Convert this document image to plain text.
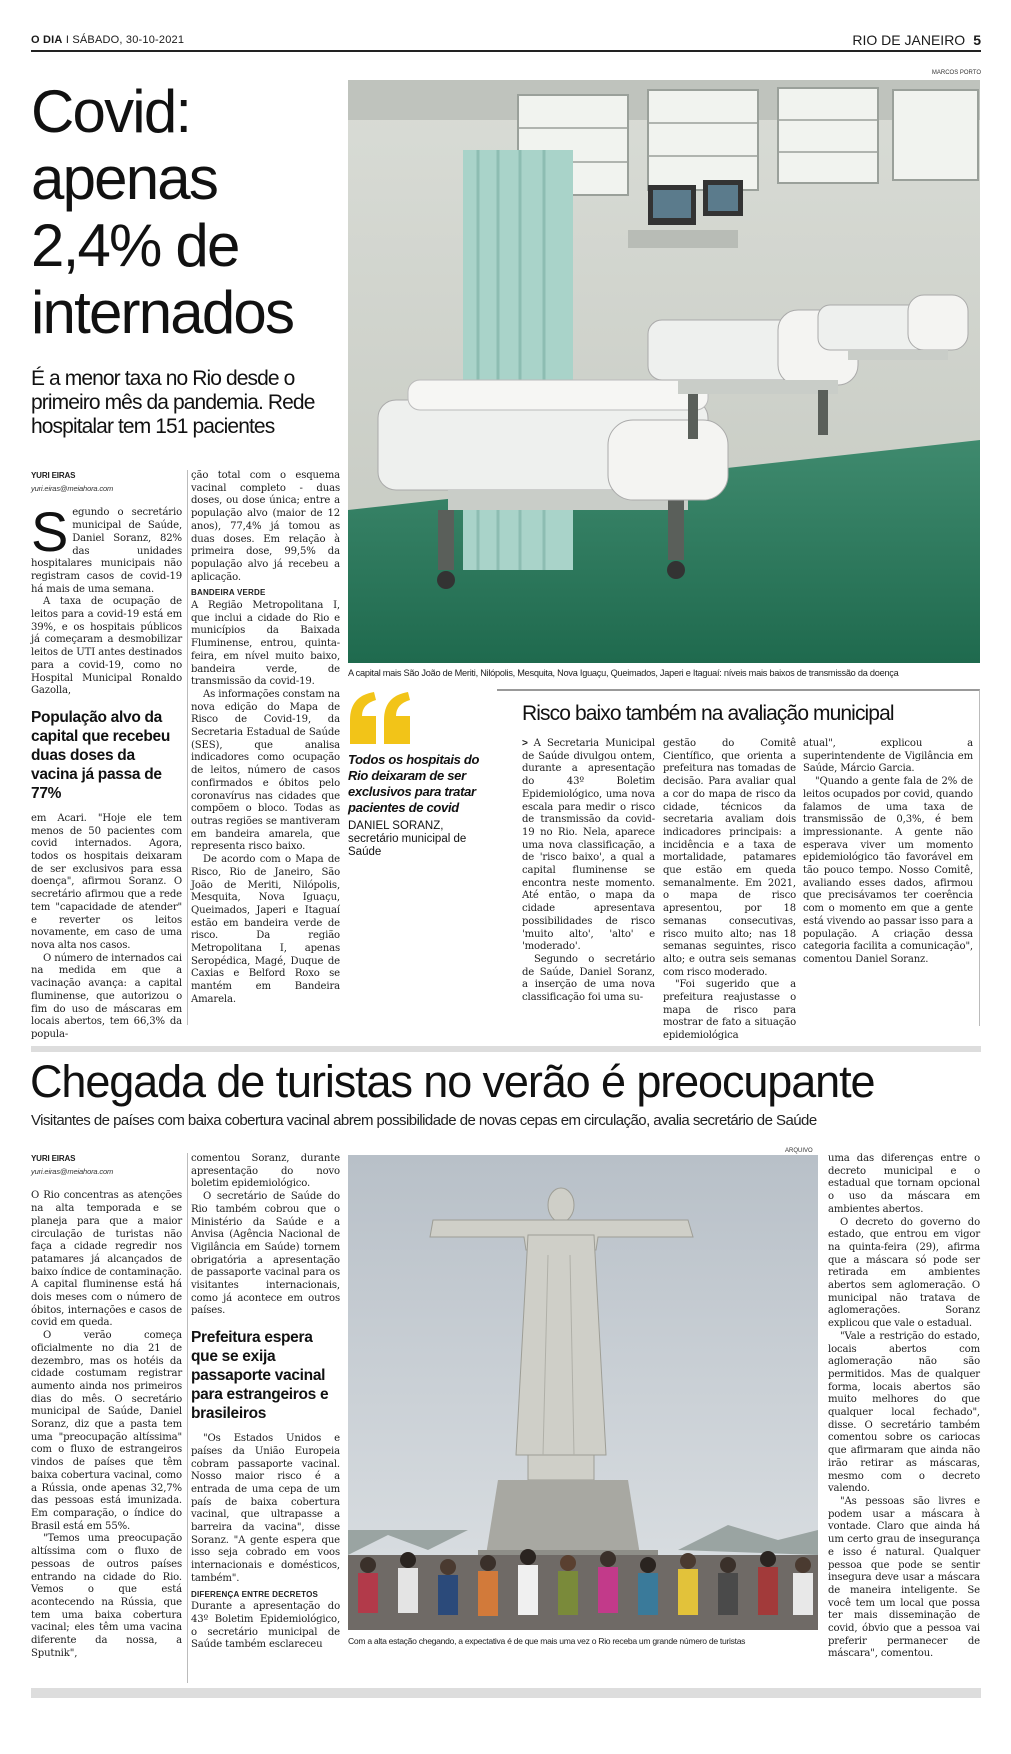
O DIA I SÁBADO, 30-10-2021	RIO DE JANEIRO 5
Covid: apenas 2,4% de internados
É a menor taxa no Rio desde o primeiro mês da pandemia. Rede hospitalar tem 151 pacientes
MARCOS PORTO
A capital mais São João de Meriti, Nilópolis, Mesquita, Nova Iguaçu, Queimados, Japeri e Itaguaí: níveis mais baixos de transmissão da doença
YURI EIRAS
yuri.eiras@meiahora.com

Segundo o secretário municipal de Saúde, Daniel Soranz, 82% das unidades hospitalares municipais não registram casos de covid-19 há mais de uma semana.

A taxa de ocupação de leitos para a covid-19 está em 39%, e os hospitais públicos já começaram a desmobilizar leitos de UTI antes destinados para a covid-19, como no Hospital Municipal Ronaldo Gazolla,

População alvo da capital que recebeu duas doses da vacina já passa de 77%

em Acari. "Hoje ele tem menos de 50 pacientes com covid internados. Agora, todos os hospitais deixaram de ser exclusivos para essa doença", afirmou Soranz. O secretário afirmou que a rede tem "capacidade de atender" e reverter os leitos novamente, em caso de uma nova alta nos casos.

O número de internados cai na medida em que a vacinação avança: a capital fluminense, que autorizou o fim do uso de máscaras em locais abertos, tem 66,3% da popula-

ção total com o esquema vacinal completo - duas doses, ou dose única; entre a população alvo (maior de 12 anos), 77,4% já tomou as duas doses. Em relação à primeira dose, 99,5% da população alvo já recebeu a aplicação.

BANDEIRA VERDE

A Região Metropolitana I, que inclui a cidade do Rio e municípios da Baixada Fluminense, entrou, quinta-feira, em nível muito baixo, bandeira verde, de transmissão da covid-19.

As informações constam na nova edição do Mapa de Risco de Covid-19, da Secretaria Estadual de Saúde (SES), que analisa indicadores como ocupação de leitos, número de casos confirmados e óbitos pelo coronavírus nas cidades que compõem o bloco. Todas as outras regiões se mantiveram em bandeira amarela, que representa risco baixo.

De acordo com o Mapa de Risco, Rio de Janeiro, São João de Meriti, Nilópolis, Mesquita, Nova Iguaçu, Queimados, Japeri e Itaguaí estão em bandeira verde de risco. Da região Metropolitana I, apenas Seropédica, Magé, Duque de Caxias e Belford Roxo se mantém em Bandeira Amarela.

Todos os hospitais do Rio deixaram de ser exclusivos para tratar pacientes de covid
DANIEL SORANZ,
secretário municipal de Saúde
Risco baixo também na avaliação municipal

> A Secretaria Municipal de Saúde divulgou ontem, durante a apresentação do 43º Boletim Epidemiológico, uma nova escala para medir o risco de transmissão da covid-19 no Rio. Nela, aparece uma nova classificação, a de 'risco baixo', a qual a capital fluminense se encontra neste momento. Até então, o mapa da cidade apresentava possibilidades de risco 'muito alto', 'alto' e 'moderado'.

Segundo o secretário de Saúde, Daniel Soranz, a inserção de uma nova classificação foi uma su-

gestão do Comitê Científico, que orienta a prefeitura nas tomadas de decisão. Para avaliar qual a cor do mapa de risco da cidade, técnicos da secretaria avaliam dois indicadores principais: a incidência e a taxa de mortalidade, patamares que estão em queda semanalmente. Em 2021, o mapa de risco apresentou, por 18 semanas consecutivas, risco muito alto; nas 18 semanas seguintes, risco alto; e outra seis semanas com risco moderado.

"Foi sugerido que a prefeitura reajustasse o mapa de risco para mostrar de fato a situação epidemiológica

atual", explicou a superintendente de Vigilância em Saúde, Márcio Garcia.

"Quando a gente fala de 2% de leitos ocupados por covid, quando falamos de uma taxa de transmissão de 0,3%, é bem impressionante. A gente não esperava viver um momento epidemiológico tão favorável em tão pouco tempo. Nosso Comitê, avaliando esses dados, afirmou que precisávamos ter coerência com o momento em que a gente está vivendo ao passar isso para a população. A criação dessa categoria facilita a comunicação", comentou Daniel Soranz.

Chegada de turistas no verão é preocupante
Visitantes de países com baixa cobertura vacinal abrem possibilidade de novas cepas em circulação, avalia secretário de Saúde
YURI EIRAS
yuri.eiras@meiahora.com

O Rio concentras as atenções na alta temporada e se planeja para que a maior circulação de turistas não faça a cidade regredir nos patamares já alcançados de baixo índice de contaminação. A capital fluminense está há dois meses com o número de óbitos, internações e casos de covid em queda.

O verão começa oficialmente no dia 21 de dezembro, mas os hotéis da cidade costumam registrar aumento ainda nos primeiros dias do mês. O secretário municipal de Saúde, Daniel Soranz, diz que a pasta tem uma "preocupação altíssima" com o fluxo de estrangeiros vindos de países que têm baixa cobertura vacinal, como a Rússia, onde apenas 32,7% das pessoas está imunizada. Em comparação, o índice do Brasil está em 55%.

"Temos uma preocupação altíssima com o fluxo de pessoas de outros países entrando na cidade do Rio. Vemos o que está acontecendo na Rússia, que tem uma baixa cobertura vacinal; eles têm uma vacina diferente da nossa, a Sputnik",

comentou Soranz, durante apresentação do novo boletim epidemiológico.

O secretário de Saúde do Rio também cobrou que o Ministério da Saúde e a Anvisa (Agência Nacional de Vigilância em Saúde) tornem obrigatória a apresentação de passaporte vacinal para os visitantes internacionais, como já acontece em outros países.

Prefeitura espera que se exija passaporte vacinal para estrangeiros e brasileiros

"Os Estados Unidos e países da União Europeia cobram passaporte vacinal. Nosso maior risco é a entrada de uma cepa de um país de baixa cobertura vacinal, que ultrapasse a barreira da vacina", disse Soranz. "A gente espera que isso seja cobrado em voos internacionais e domésticos, também".

DIFERENÇA ENTRE DECRETOS

Durante a apresentação do 43º Boletim Epidemiológico, o secretário municipal de Saúde também esclareceu

ARQUIVO
Com a alta estação chegando, a expectativa é de que mais uma vez o Rio receba um grande número de turistas

uma das diferenças entre o decreto municipal e o estadual que tornam opcional o uso da máscara em ambientes abertos.

O decreto do governo do estado, que entrou em vigor na quinta-feira (29), afirma que a máscara só pode ser retirada em ambientes abertos sem aglomeração. O municipal não tratava de aglomerações. Soranz explicou que vale o estadual.

"Vale a restrição do estado, locais abertos com aglomeração não são permitidos. Mas de qualquer forma, locais abertos são muito melhores do que qualquer local fechado", disse. O secretário também comentou sobre os cariocas que afirmaram que ainda não irão retirar as máscaras, mesmo com o decreto valendo.

"As pessoas são livres e podem usar a máscara à vontade. Claro que ainda há um certo grau de insegurança e isso é natural. Qualquer pessoa que pode se sentir insegura deve usar a máscara de maneira inteligente. Se você tem um local que possa ter mais disseminação de covid, óbvio que a pessoa vai preferir permanecer de máscara", comentou.
